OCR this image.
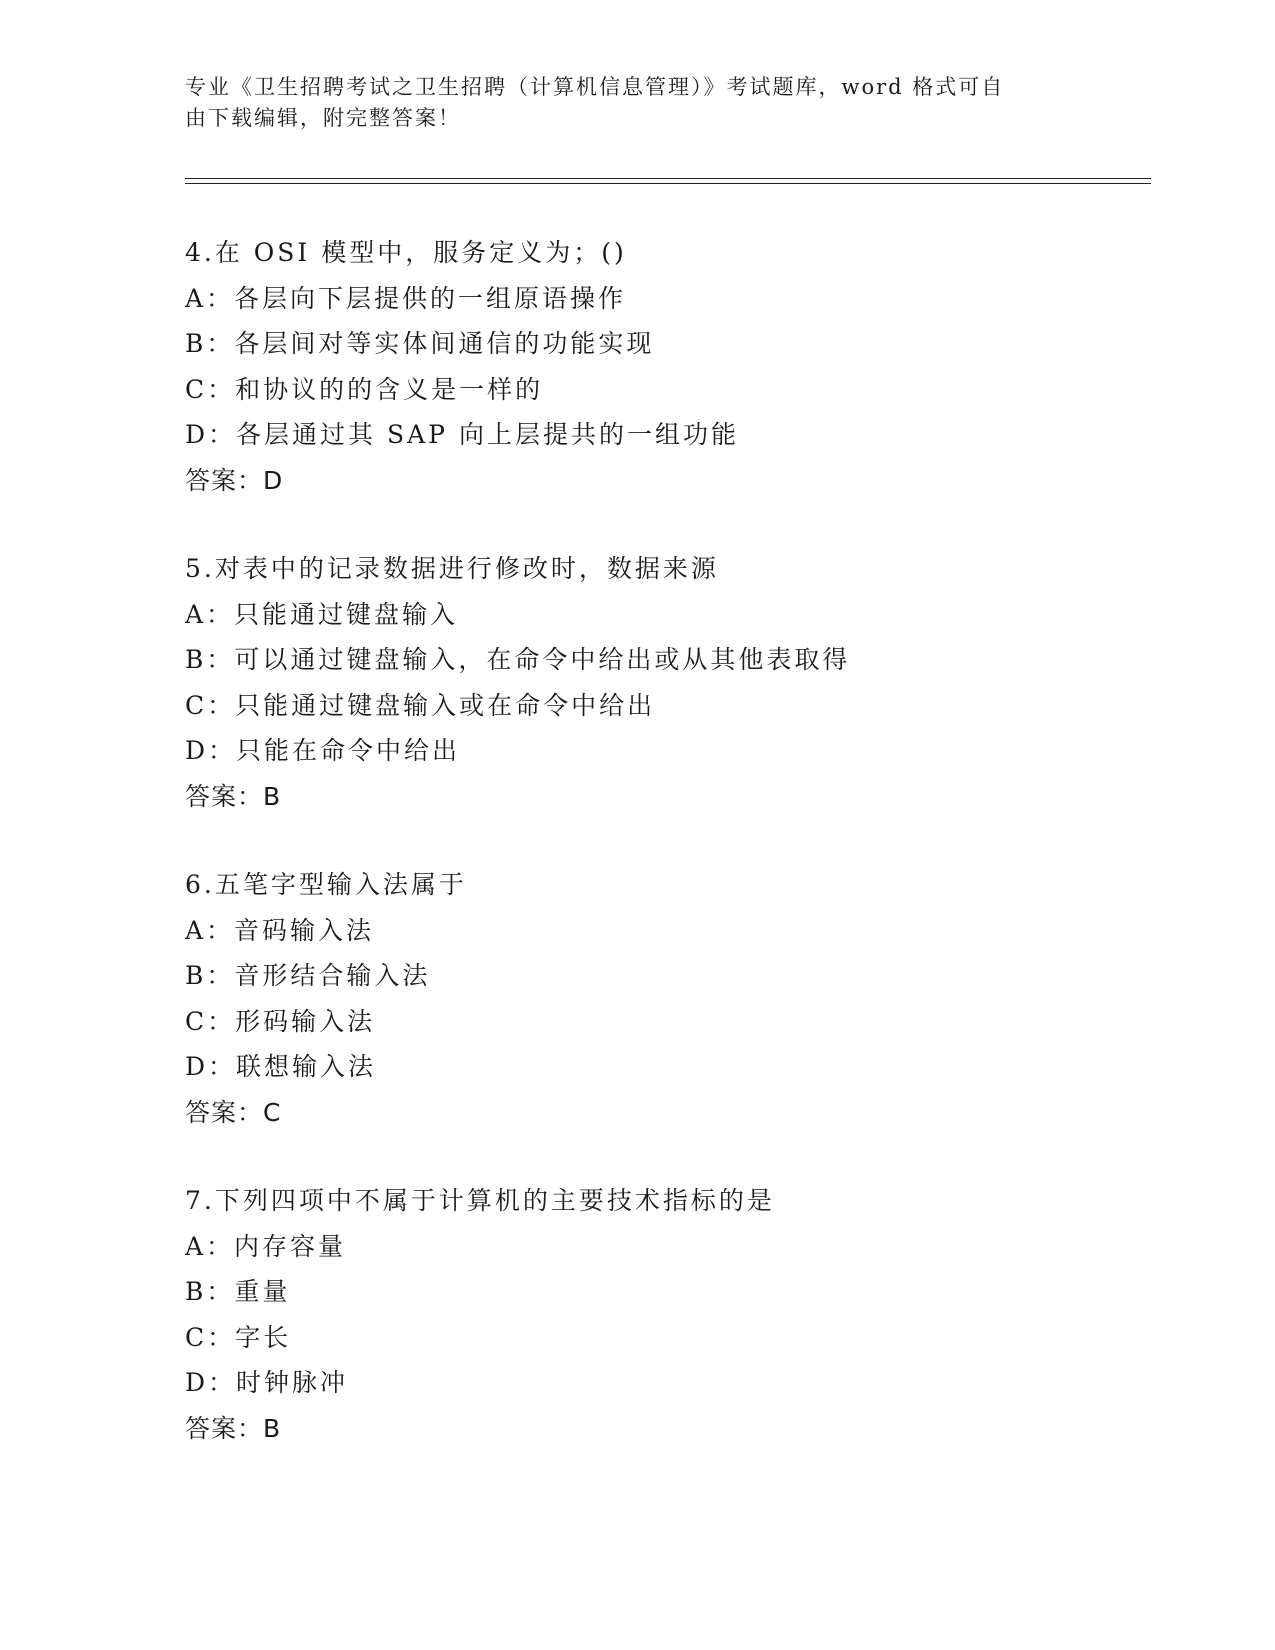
专业《卫生招聘考试之卫生招聘（计算机信息管理）》考试题库，word 格式可自
由下载编辑，附完整答案！
4.在 OSI 模型中，服务定义为；()
A：各层向下层提供的一组原语操作
B：各层间对等实体间通信的功能实现
C：和协议的的含义是一样的
D：各层通过其 SAP 向上层提共的一组功能
答案：D
5.对表中的记录数据进行修改时，数据来源
A：只能通过键盘输入
B：可以通过键盘输入，在命令中给出或从其他表取得
C：只能通过键盘输入或在命令中给出
D：只能在命令中给出
答案：B
6.五笔字型输入法属于
A：音码输入法
B：音形结合输入法
C：形码输入法
D：联想输入法
答案：C
7.下列四项中不属于计算机的主要技术指标的是
A：内存容量
B：重量
C：字长
D：时钟脉冲
答案：B
